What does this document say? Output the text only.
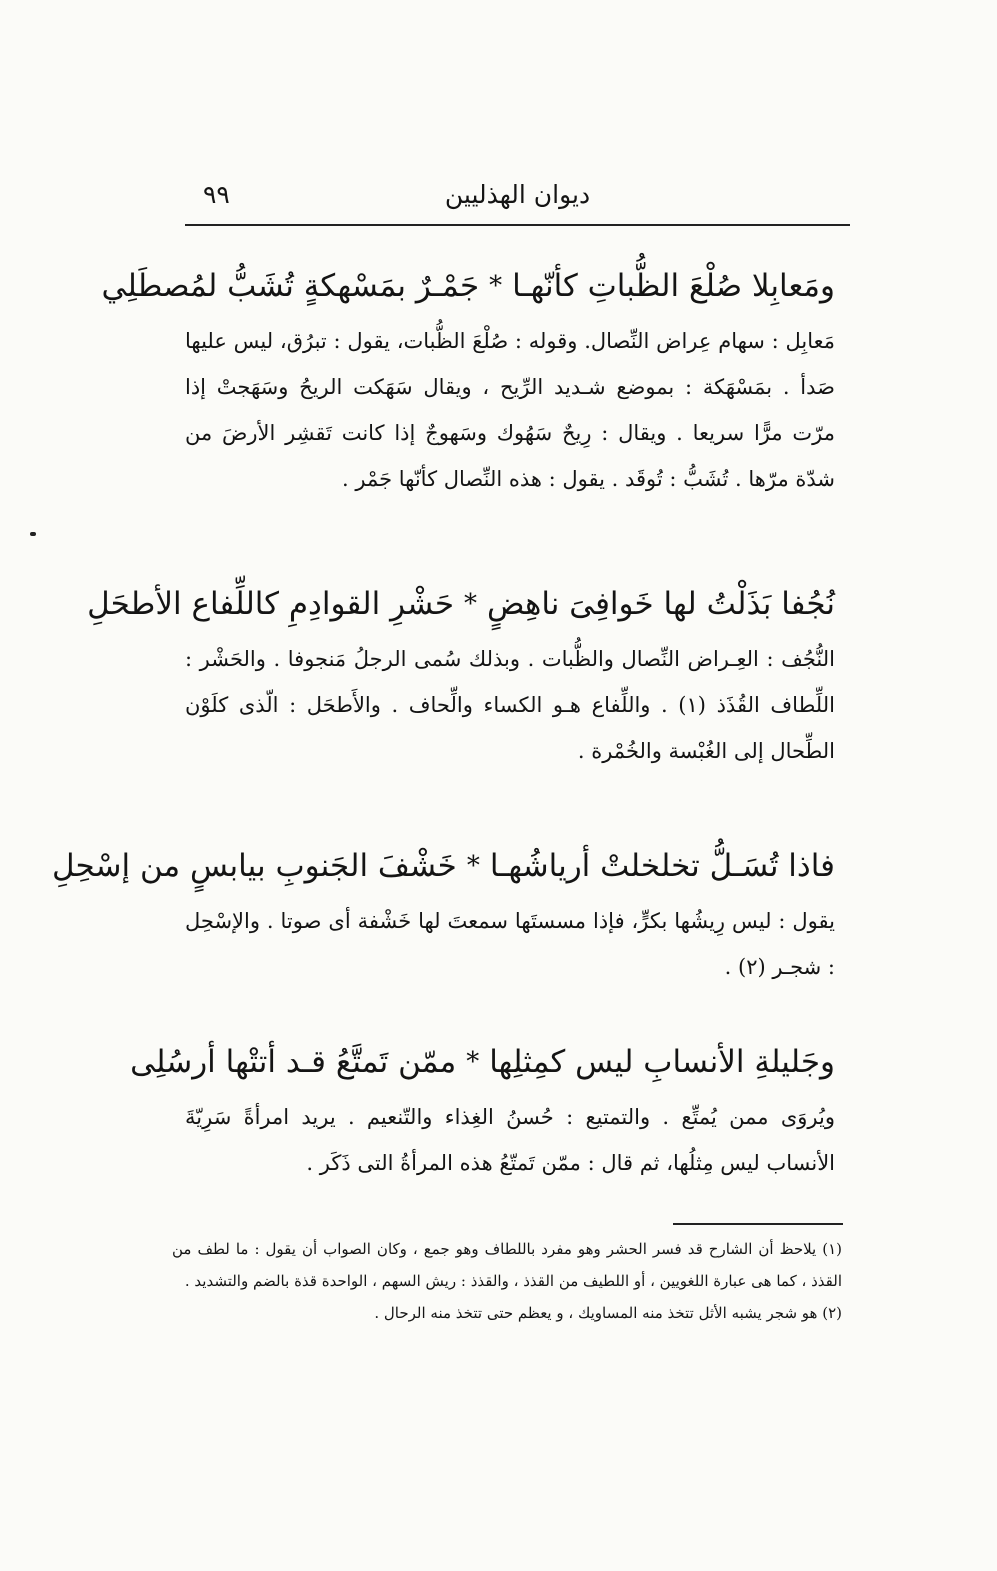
ديوان الهذليين
٩٩
ومَعابِلا صُلْعَ الظُّباتِ كأنّهـا
*
جَمْـرٌ بمَسْهكةٍ تُشَبُّ لمُصطَلِي
مَعابِل : سهام عِراض النِّصال. وقوله : صُلْعَ الظُّبات، يقول : تبرُق، ليس عليها صَدأ . بمَسْهَكة : بموضع شـديد الرِّيح ، ويقال سَهَكت الريحُ وسَهَجتْ إذا مرّت مرًّا سريعا . ويقال : رِيحٌ سَهُوك وسَهوجٌ إذا كانت تَقشِر الأرضَ من شدّة مرّها . تُشَبُّ : تُوقَد . يقول : هذه النِّصال كأنّها جَمْر .
نُجُفا بَذَلْتُ لها خَوافِىَ ناهِضٍ
*
حَشْرِ القوادِمِ كاللِّفاع الأطحَلِ
النُّجُف : العِـراض النِّصال والظُّبات . وبذلك سُمى الرجلُ مَنجوفا . والحَشْر : اللِّطاف القُذَذ (١) . واللِّفاع هـو الكساء والِّحاف . والأَطحَل : الّذى كلَوْن الطِّحال إلى الغُبْسة والخُمْرة .
فاذا تُسَـلُّ تخلخلتْ أرياشُهـا
*
خَشْفَ الجَنوبِ بيابسٍ من إسْحِلِ
يقول : ليس رِيشُها بكرٍّ، فإذا مسستَها سمعتَ لها خَشْفة أى صوتا . والإسْحِل : شجـر (٢) .
وجَليلةِ الأنسابِ ليس كمِثلِها
*
ممّن تَمتَّعُ قـد أتتْها أرسُلِى
ويُروَى ممن يُمتِّع . والتمتيع : حُسنُ الغِذاء والتّنعيم . يريد امرأةً سَرِيّةَ الأنساب ليس مِثلُها، ثم قال : ممّن تَمتّعُ هذه المرأةُ التى ذَكَر .

(١) يلاحظ أن الشارح قد فسر الحشر وهو مفرد باللطاف وهو جمع ، وكان الصواب أن يقول : ما لطف من القذذ ، كما هى عبارة اللغويين ، أو اللطيف من القذذ ، والقذذ : ريش السهم ، الواحدة قذة بالضم والتشديد .

(٢) هو شجر يشبه الأثل تتخذ منه المساويك ، و يعظم حتى تتخذ منه الرحال .
